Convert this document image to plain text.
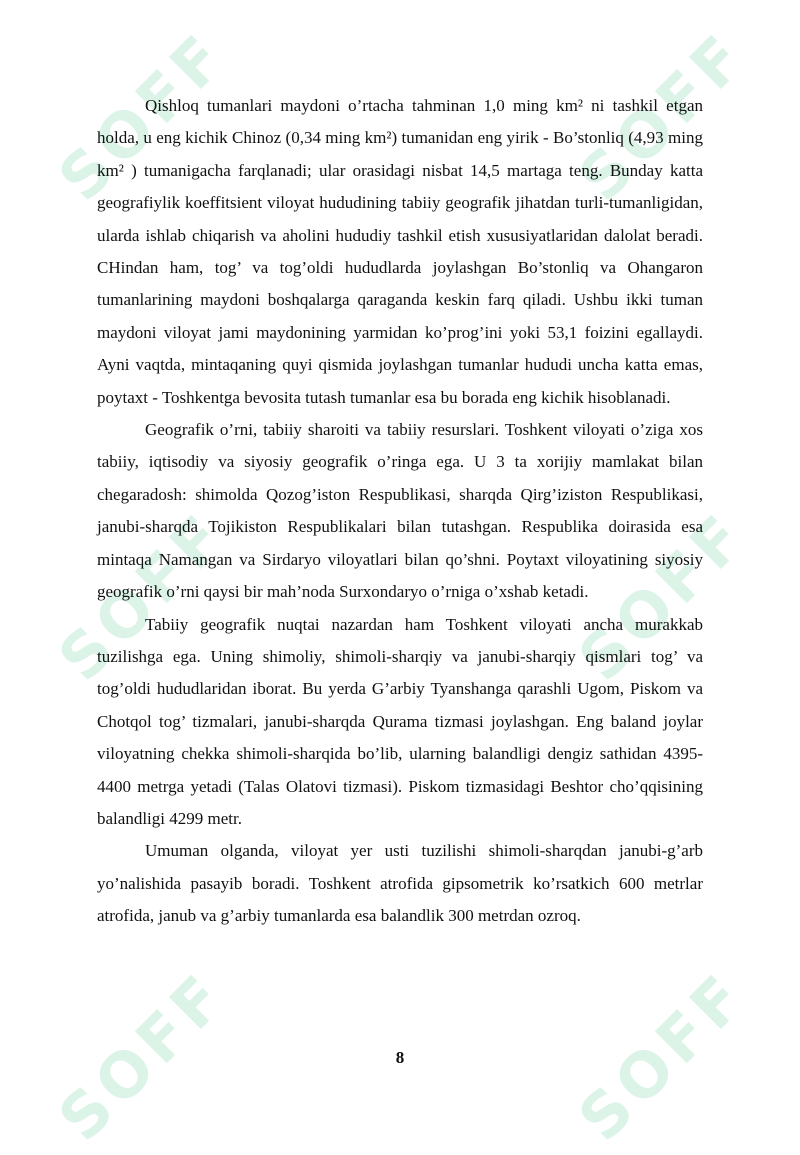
SOFF	SOFF
SOFF	SOFF
SOFF	SOFF

Qishloq tumanlari maydoni o’rtacha tahminan 1,0 ming km² ni tashkil etgan holda, u eng kichik Chinoz (0,34 ming km²) tumanidan eng yirik - Bo’stonliq (4,93 ming km² ) tumanigacha farqlanadi; ular orasidagi nisbat 14,5 martaga teng. Bunday katta geografiylik koeffitsient viloyat hududining tabiiy geografik jihatdan turli-tumanligidan, ularda ishlab chiqarish va aholini hududiy tashkil etish xususiyatlaridan dalolat beradi. CHindan ham, tog’ va tog’oldi hududlarda joylashgan Bo’stonliq va Ohangaron tumanlarining maydoni boshqalarga qaraganda keskin farq qiladi. Ushbu ikki tuman maydoni viloyat jami maydonining yarmidan ko’prog’ini yoki 53,1 foizini egallaydi. Ayni vaqtda, mintaqaning quyi qismida joylashgan tumanlar hududi uncha katta emas, poytaxt - Toshkentga bevosita tutash tumanlar esa bu borada eng kichik hisoblanadi.

Geografik o’rni, tabiiy sharoiti va tabiiy resurslari. Toshkent viloyati o’ziga xos tabiiy, iqtisodiy va siyosiy geografik o’ringa ega. U 3 ta xorijiy mamlakat bilan chegaradosh: shimolda Qozog’iston Respublikasi, sharqda Qirg’iziston Respublikasi, janubi-sharqda Tojikiston Respublikalari bilan tutashgan. Respublika doirasida esa mintaqa Namangan va Sirdaryo viloyatlari bilan qo’shni. Poytaxt viloyatining siyosiy geografik o’rni qaysi bir mah’noda Surxondaryo o’rniga o’xshab ketadi.

Tabiiy geografik nuqtai nazardan ham Toshkent viloyati ancha murakkab tuzilishga ega. Uning shimoliy, shimoli-sharqiy va janubi-sharqiy qismlari tog’ va tog’oldi hududlaridan iborat. Bu yerda G’arbiy Tyanshanga qarashli Ugom, Piskom va Chotqol tog’ tizmalari, janubi-sharqda Qurama tizmasi joylashgan. Eng baland joylar viloyatning chekka shimoli-sharqida bo’lib, ularning balandligi dengiz sathidan 4395-4400 metrga yetadi (Talas Olatovi tizmasi). Piskom tizmasidagi Beshtor cho’qqisining balandligi 4299 metr.

Umuman olganda, viloyat yer usti tuzilishi shimoli-sharqdan janubi-g’arb yo’nalishida pasayib boradi. Toshkent atrofida gipsometrik ko’rsatkich 600 metrlar atrofida, janub va g’arbiy tumanlarda esa balandlik 300 metrdan ozroq.

8
